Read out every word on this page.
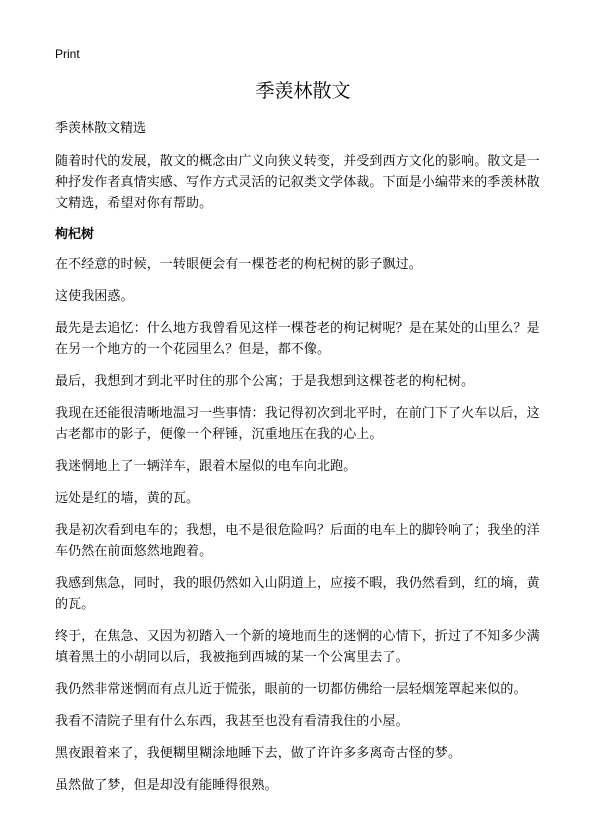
Print
季羡林散文

季羡林散文精选

随着时代的发展，散文的概念由广义向狭义转变，并受到西方文化的影响。散文是一种抒发作者真情实感、写作方式灵活的记叙类文学体裁。下面是小编带来的季羡林散文精选，希望对你有帮助。

枸杞树

在不经意的时候，一转眼便会有一棵苍老的枸杞树的影子飘过。

这使我困惑。

最先是去追忆：什么地方我曾看见这样一棵苍老的枸记树呢？是在某处的山里么？是在另一个地方的一个花园里么？但是，都不像。

最后，我想到才到北平时住的那个公寓；于是我想到这棵苍老的枸杞树。

我现在还能很清晰地温习一些事情：我记得初次到北平时，在前门下了火车以后，这古老都市的影子，便像一个秤锤，沉重地压在我的心上。

我迷惘地上了一辆洋车，跟着木屋似的电车向北跑。

远处是红的墙，黄的瓦。

我是初次看到电车的；我想，电不是很危险吗？后面的电车上的脚铃响了；我坐的洋车仍然在前面悠然地跑着。

我感到焦急，同时，我的眼仍然如入山阴道上，应接不暇，我仍然看到，红的墒，黄的瓦。

终于，在焦急、又因为初踏入一个新的境地而生的迷惘的心情下，折过了不知多少满填着黑土的小胡同以后，我被拖到西城的某一个公寓里去了。

我仍然非常迷惘而有点儿近于慌张，眼前的一切都仿佛给一层轻烟笼罩起来似的。

我看不清院子里有什么东西，我甚至也没有看清我住的小屋。

黑夜跟着来了，我便糊里糊涂地睡下去，做了许许多多离奇古怪的梦。

虽然做了梦，但是却没有能睡得很熟。
